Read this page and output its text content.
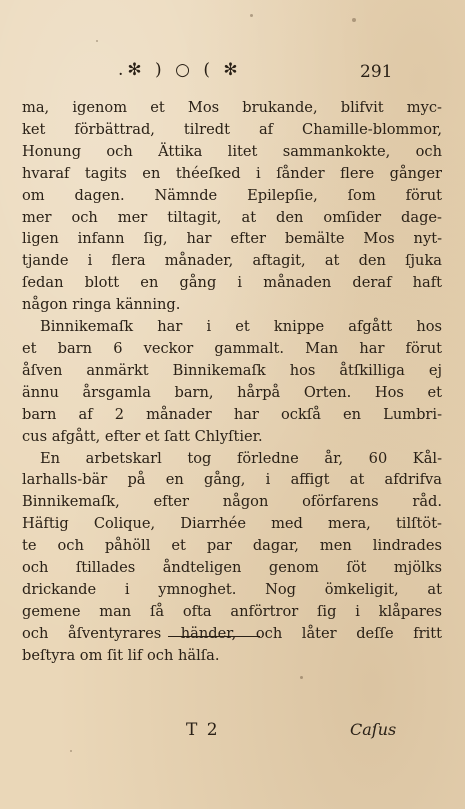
.✻ ) ○ ( ✻	291
ma, igenom et Mos brukande, blifvit myc-
ket förbättrad, tilredt af Chamille-blommor,
Honung och Ättika litet sammankokte, och
hvaraf tagits en théeſked i ſånder flere gånger
om dagen. Nämnde Epilepſie, ſom förut
mer och mer tiltagit, at den omſider dage-
ligen infann ſig, har efter bemälte Mos nyt-
tjande i flera månader, aftagit, at den ſjuka
ſedan blott en gång i månaden deraf haft
någon ringa känning.
Binnikemaſk har i et knippe afgått hos
et barn 6 veckor gammalt. Man har förut
åſven anmärkt Binnikemaſk hos åtſkilliga ej
ännu årsgamla barn, hårpå Orten. Hos et
barn af 2 månader har ockſå en Lumbri-
cus afgått, efter et ſatt Chlyſtier.
En arbetskarl tog förledne år, 60 Kål-
larhalls-bär på en gång, i affigt at afdrifva
Binnikemaſk, efter någon oförfarens råd.
Häftig Colique, Diarrhée med mera, tilſtöt-
te och påhöll et par dagar, men lindrades
och ſtillades åndteligen genom ſöt mjölks
drickande i ymnoghet. Nog ömkeligit, at
gemene man ſå ofta anförtror ſig i klåpares
och åſventyrares händer, och låter deſſe fritt
beſtyra om ſit lif och hälſa.
T 2	Caſus
